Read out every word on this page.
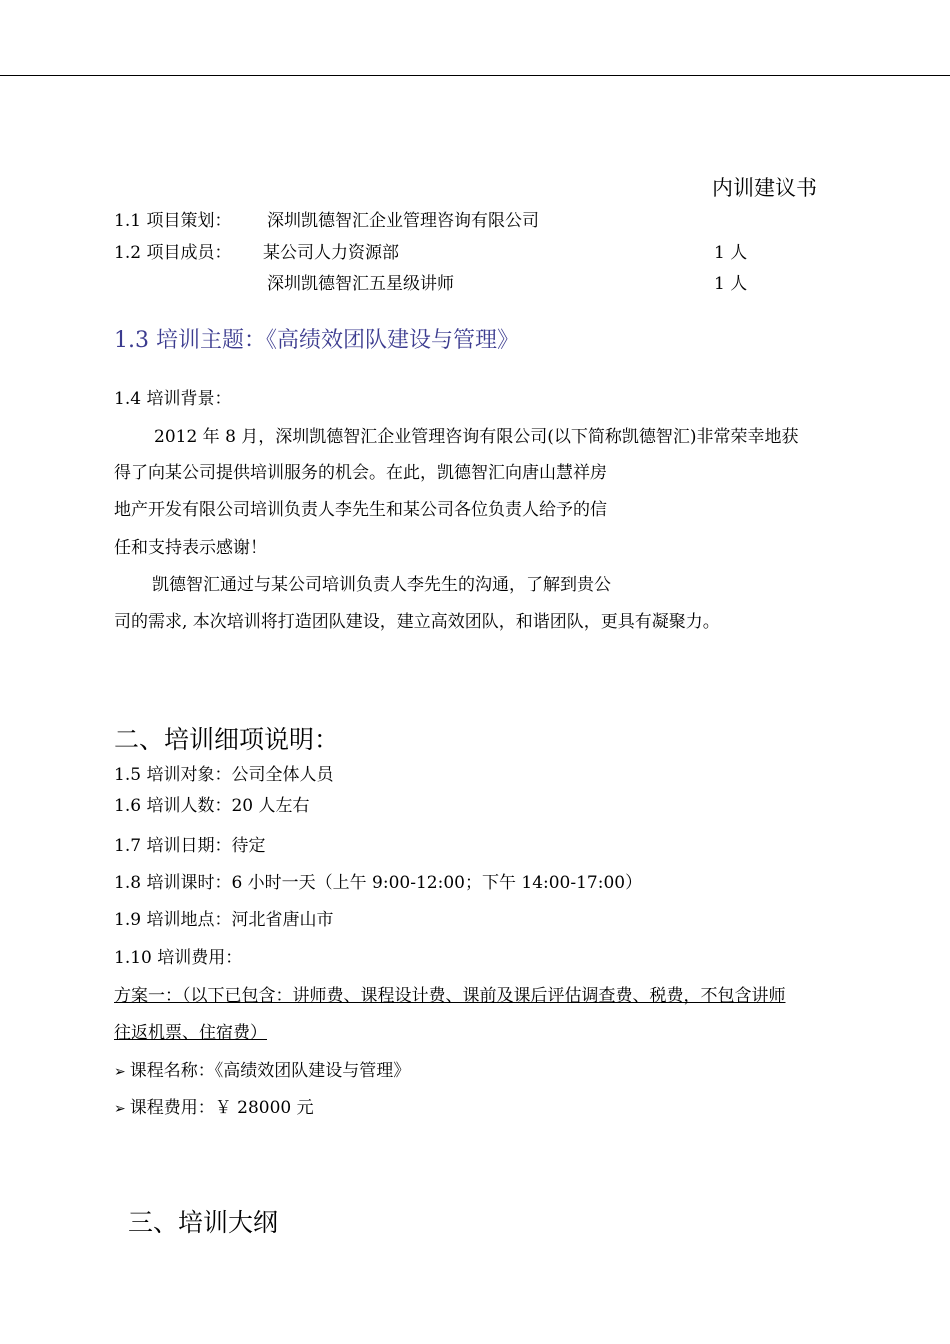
内训建议书
1.1 项目策划： 深圳凯德智汇企业管理咨询有限公司
1.2 项目成员： 某公司人力资源部	1 人
深圳凯德智汇五星级讲师	1 人
1.3 培训主题：《高绩效团队建设与管理》
1.4 培训背景：
2012 年 8 月，深圳凯德智汇企业管理咨询有限公司(以下简称凯德智汇)非常荣幸地获
得了向某公司提供培训服务的机会。在此，凯德智汇向唐山慧祥房
地产开发有限公司培训负责人李先生和某公司各位负责人给予的信
任和支持表示感谢！
凯德智汇通过与某公司培训负责人李先生的沟通，了解到贵公
司的需求, 本次培训将打造团队建设，建立高效团队，和谐团队，更具有凝聚力。
二、培训细项说明：
1.5 培训对象：公司全体人员
1.6 培训人数：20 人左右
1.7 培训日期：待定
1.8 培训课时：6 小时一天（上午 9:00-12:00；下午 14:00-17:00）
1.9 培训地点：河北省唐山市
1.10 培训费用：
方案一：（以下已包含：讲师费、课程设计费、课前及课后评估调查费、税费，不包含讲师
往返机票、住宿费）
➢ 课程名称：《高绩效团队建设与管理》
➢ 课程费用：￥ 28000 元
三、培训大纲
